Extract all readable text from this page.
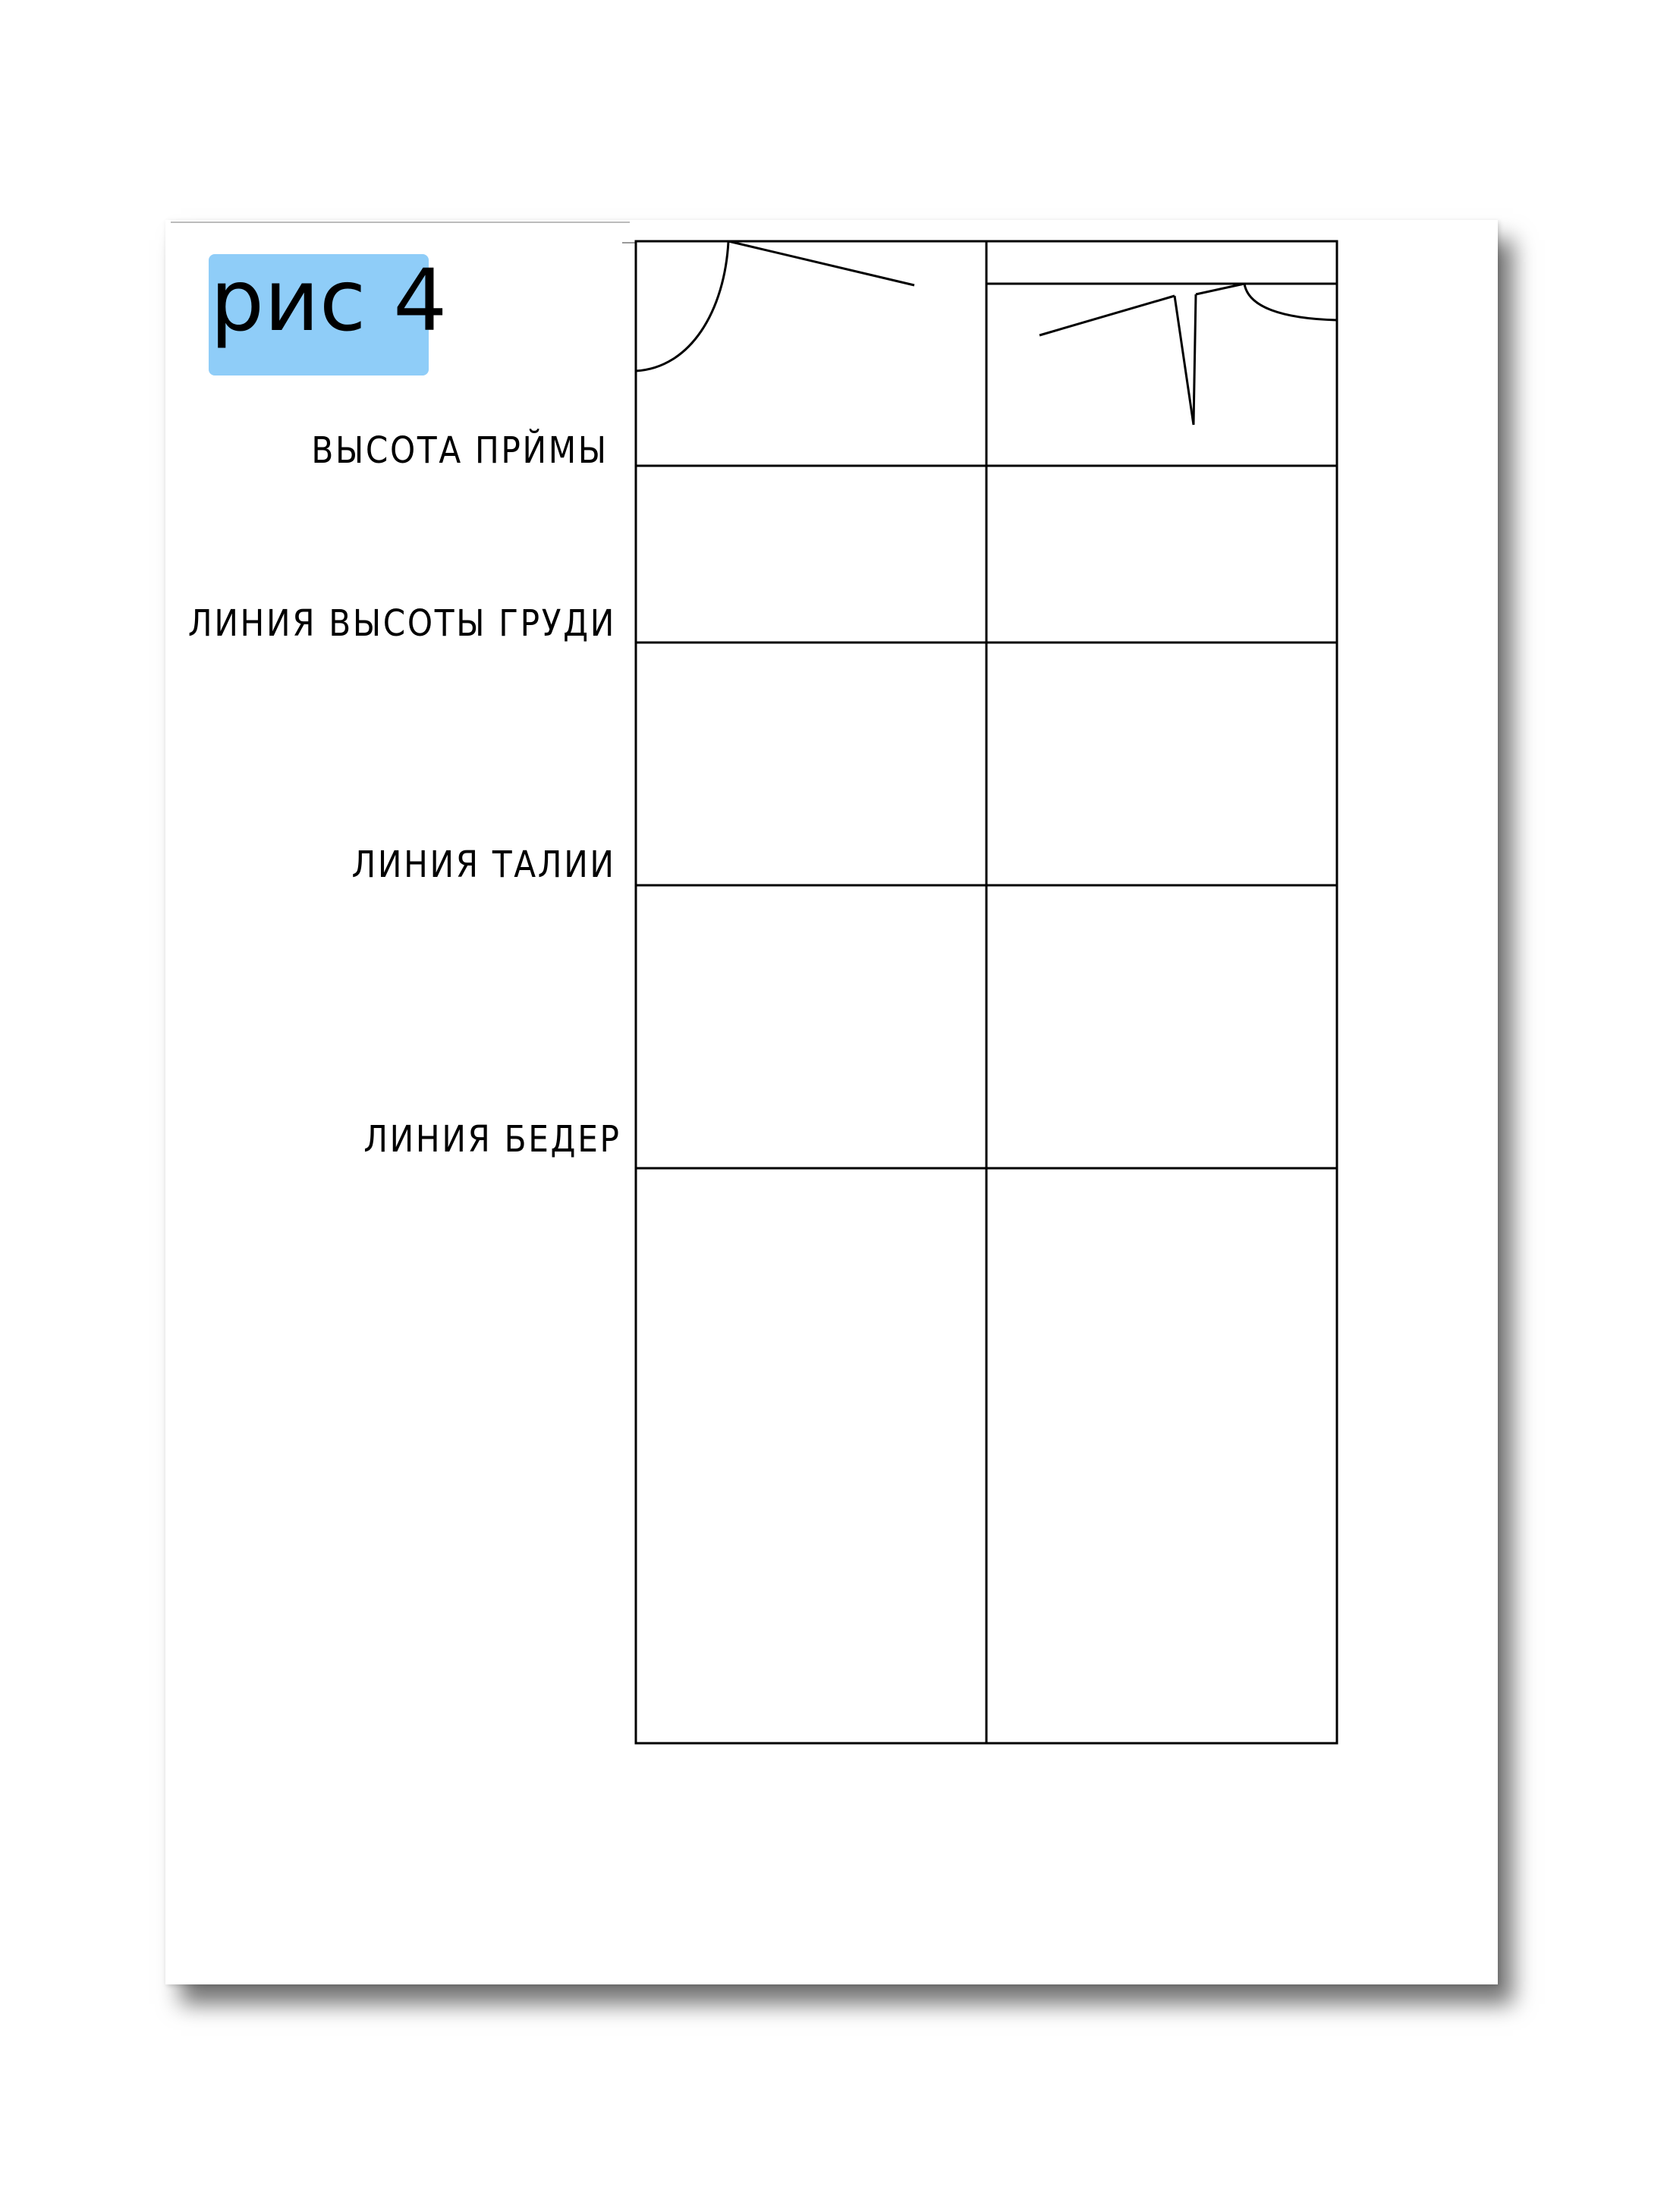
рис 4
ВЫСОТА ПРЙМЫ
ЛИНИЯ ВЫСОТЫ ГРУДИ
ЛИНИЯ ТАЛИИ
ЛИНИЯ БЕДЕР
